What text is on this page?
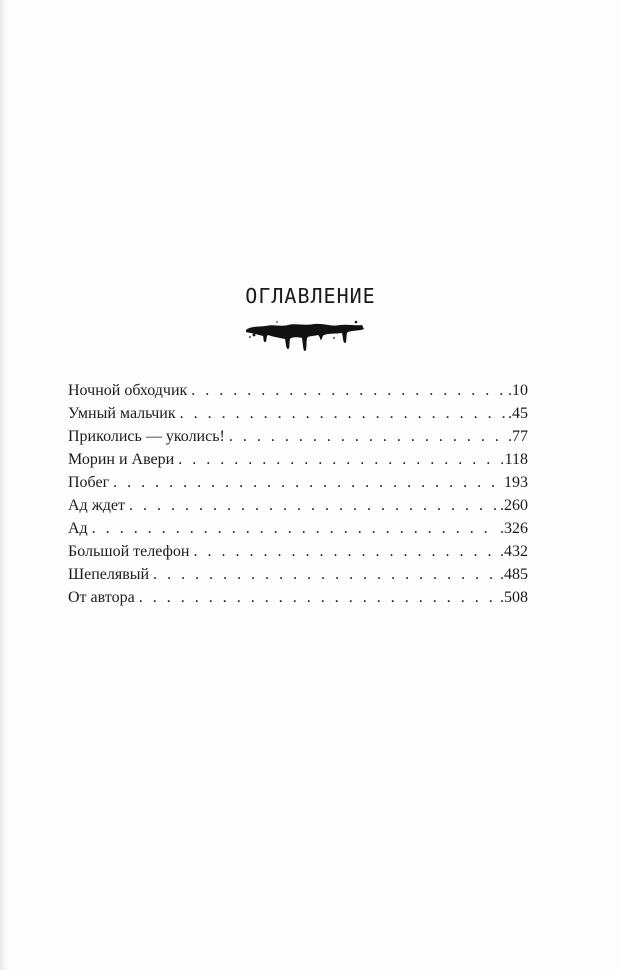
ОГЛАВЛЕНИЕ
Ночной обходчик . . .	.10
Умный мальчик . . .	.45
Приколись — уколись! . . .	.77
Морин и Авери . . .	118
Побег . . .	193
Ад ждет . . .	.260
Ад . . .	.326
Большой телефон . . .	.432
Шепелявый . . .	.485
От автора . . .	.508
